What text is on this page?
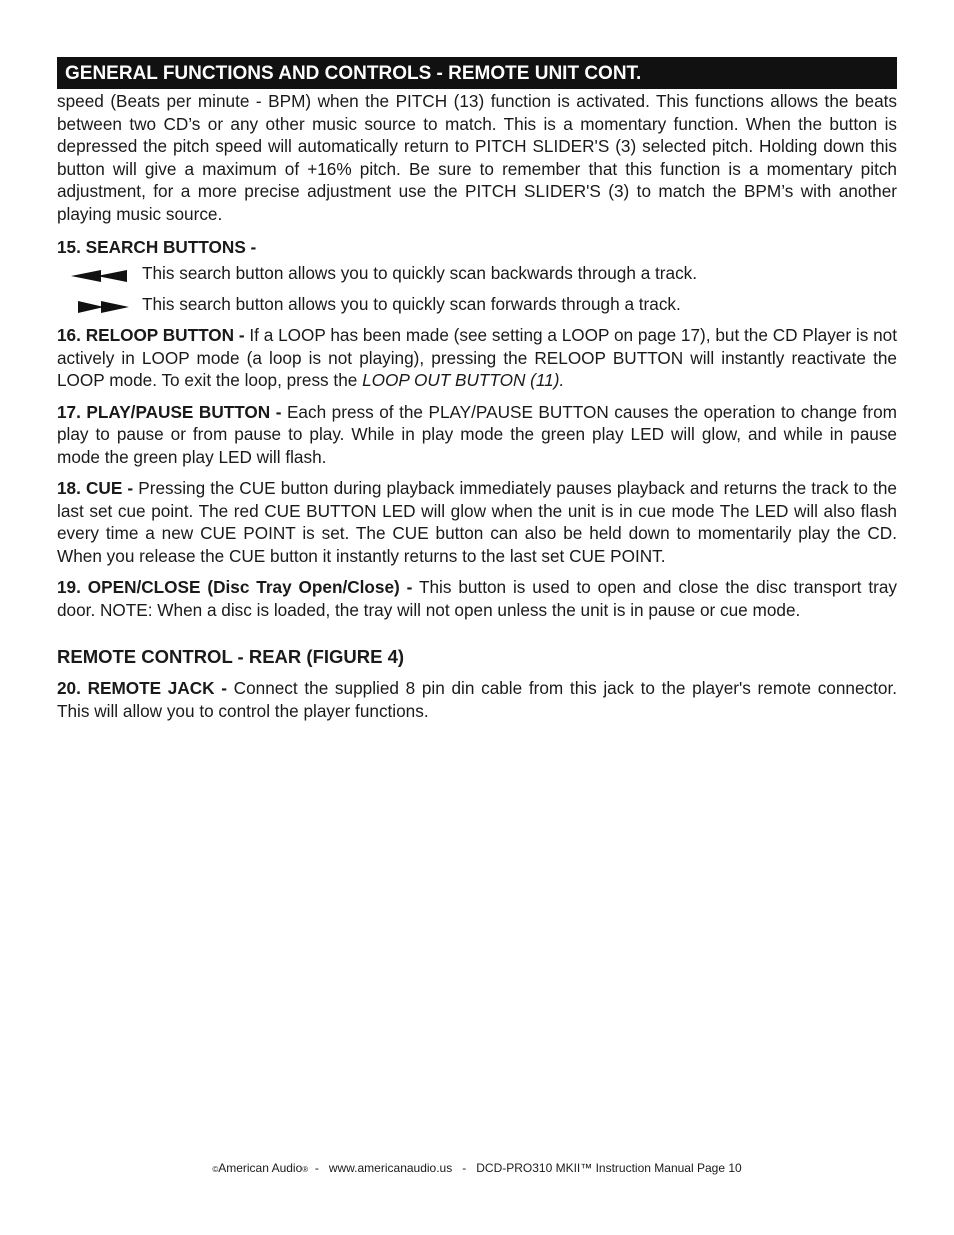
GENERAL FUNCTIONS AND CONTROLS - REMOTE UNIT CONT.

speed (Beats per minute - BPM) when the PITCH (13) function is activated. This functions allows the beats between two CD’s or any other music source to match. This is a momentary function. When the button is depressed the pitch speed will automatically return to PITCH SLIDER'S (3) selected pitch. Holding down this button will give a maximum of +16% pitch. Be sure to remember that this function is a momentary pitch adjustment, for a more precise adjustment use the PITCH SLIDER'S (3) to match the BPM’s with another playing music source.

15. SEARCH BUTTONS -
This search button allows you to quickly scan backwards through a track.
This search button allows you to quickly scan forwards through a track.

16. RELOOP BUTTON - If a LOOP has been made (see setting a LOOP on page 17), but the CD Player is not actively in LOOP mode (a loop is not playing), pressing the RELOOP BUTTON will instantly reactivate the LOOP mode. To exit the loop, press the LOOP OUT BUTTON (11).

17. PLAY/PAUSE BUTTON - Each press of the PLAY/PAUSE BUTTON causes the operation to change from play to pause or from pause to play. While in play mode the green play LED will glow, and while in pause mode the green play LED will flash.

18. CUE - Pressing the CUE button during playback immediately pauses playback and returns the track to the last set cue point. The red CUE BUTTON LED will glow when the unit is in cue mode The LED will also flash every time a new CUE POINT is set. The CUE button can also be held down to momentarily play the CD. When you release the CUE button it instantly returns to the last set CUE POINT.

19. OPEN/CLOSE (Disc Tray Open/Close) - This button is used to open and close the disc transport tray door. NOTE: When a disc is loaded, the tray will not open unless the unit is in pause or cue mode.

REMOTE CONTROL - REAR (FIGURE 4)

20. REMOTE JACK - Connect the supplied 8 pin din cable from this jack to the player's remote connector. This will allow you to control the player functions.

©American Audio®  -   www.americanaudio.us   -   DCD-PRO310 MKII™ Instruction Manual Page 10
